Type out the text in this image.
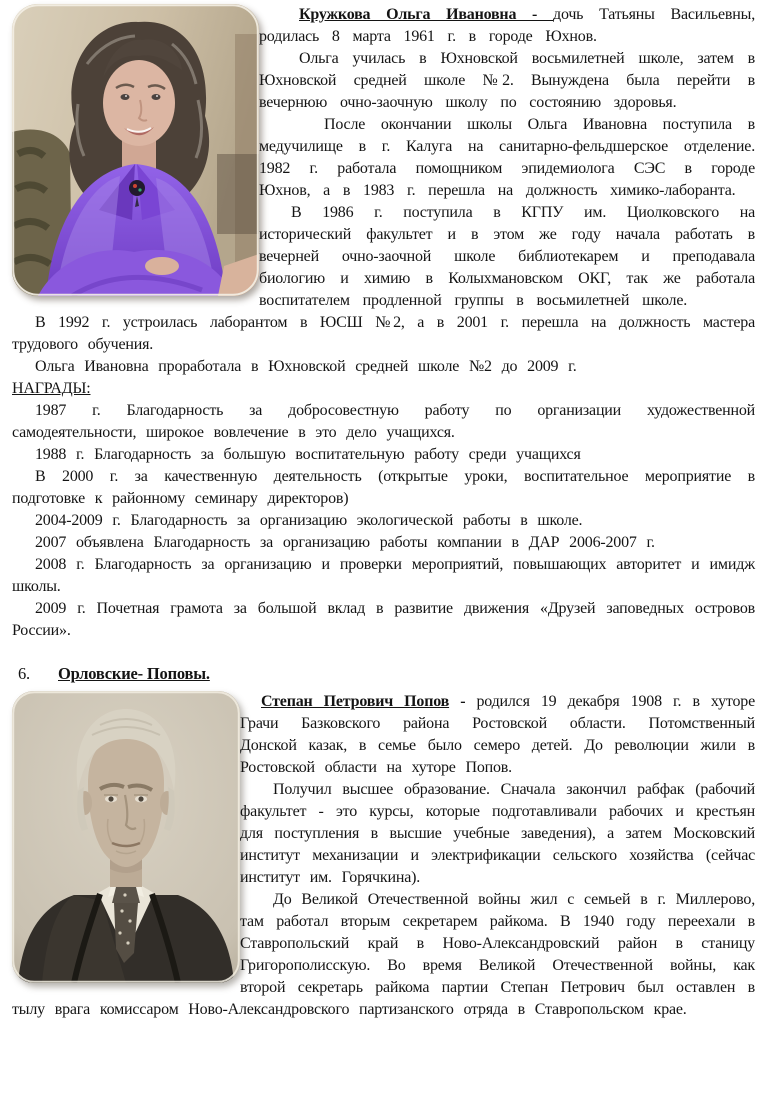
Кружкова Ольга Ивановна - дочь Татьяны Васильевны, родилась 8 марта 1961 г. в городе Юхнов.

Ольга училась в Юхновской восьмилетней школе, затем в Юхновской средней школе №2. Вынуждена была перейти в вечернюю очно-заочную школу по состоянию здоровья.

После окончании школы Ольга Ивановна поступила в медучилище в г. Калуга на санитарно-фельдшерское отделение. 1982 г. работала помощником эпидемиолога СЭС в городе Юхнов, а в 1983 г. перешла на должность химико-лаборанта.

В 1986 г. поступила в КГПУ им. Циолковского на исторический факультет и в этом же году начала работать в вечерней очно-заочной школе библиотекарем и преподавала биологию и химию в Колыхмановском ОКГ, так же работала воспитателем продленной группы в восьмилетней школе.

В 1992 г. устроилась лаборантом в ЮСШ №2, а в 2001 г. перешла на должность мастера трудового обучения.

Ольга Ивановна проработала в Юхновской средней школе №2 до 2009 г.

НАГРАДЫ:

1987 г. Благодарность за добросовестную работу по организации художественной самодеятельности, широкое вовлечение в это дело учащихся.

1988 г. Благодарность за большую воспитательную работу среди учащихся

В 2000 г. за качественную деятельность (открытые уроки, воспитательное мероприятие в подготовке к районному семинару директоров)

2004-2009 г. Благодарность за организацию экологической работы в школе.

2007 объявлена Благодарность за организацию работы компании в ДАР 2006-2007 г.

2008 г. Благодарность за организацию и проверки мероприятий, повышающих авторитет и имидж школы.

2009 г. Почетная грамота за большой вклад в развитие движения «Друзей заповедных островов России».

6. Орловские- Поповы.

Степан Петрович Попов - родился 19 декабря 1908 г. в хуторе Грачи Базковского района Ростовской области. Потомственный Донской казак, в семье было семеро детей. До революции жили в Ростовской области на хуторе Попов.

Получил высшее образование. Сначала закончил рабфак (рабочий факультет - это курсы, которые подготавливали рабочих и крестьян для поступления в высшие учебные заведения), а затем Московский институт механизации и электрификации сельского хозяйства (сейчас институт им. Горячкина).

До Великой Отечественной войны жил с семьей в г. Миллерово, там работал вторым секретарем райкома. В 1940 году переехали в Ставропольский край в Ново-Александровский район в станицу Григорополисскую. Во время Великой Отечественной войны, как второй секретарь райкома партии Степан Петрович был оставлен в тылу врага комиссаром Ново-Александровского партизанского отряда в Ставропольском крае.
